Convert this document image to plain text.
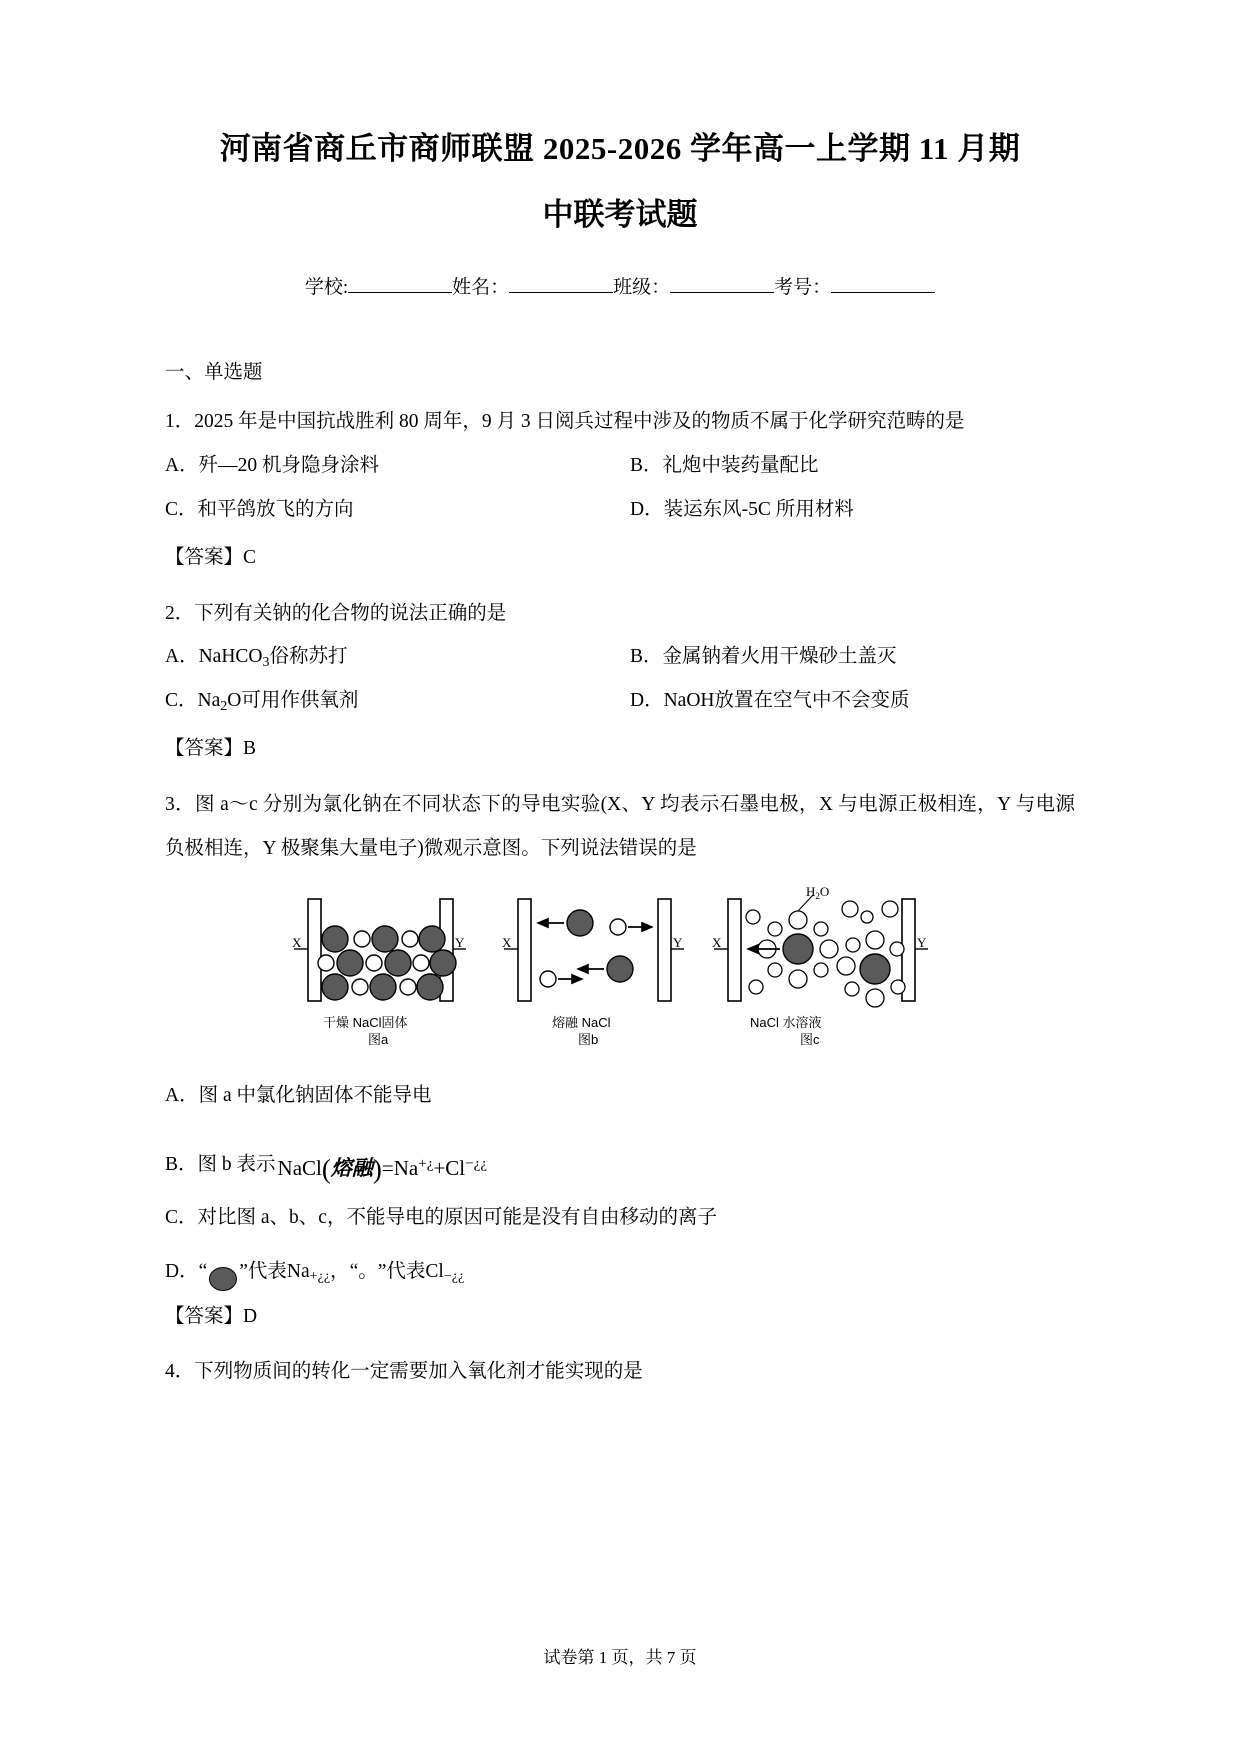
河南省商丘市商师联盟 2025-2026 学年高一上学期 11 月期
中联考试题
学校:	姓名：	班级：	考号：
一、单选题
1．2025 年是中国抗战胜利 80 周年，9 月 3 日阅兵过程中涉及的物质不属于化学研究范畴的是
A．歼—20 机身隐身涂料	B．礼炮中装药量配比
C．和平鸽放飞的方向	D．装运东风-5C 所用材料
【答案】C
2．下列有关钠的化合物的说法正确的是
A．NaHCO$_3$俗称苏打	B．金属钠着火用干燥砂土盖灭
C．$Na_2O$可用作供氧剂	D．NaOH放置在空气中不会变质
【答案】B
3．图 a～c 分别为氯化钠在不同状态下的导电实验(X、Y 均表示石墨电极，X 与电源正极相连，Y 与电源负极相连，Y 极聚集大量电子)微观示意图。下列说法错误的是
X	Y
干燥 NaCl固体
图a
X	Y
熔融 NaCl
图b
X	Y
$H_2O$
NaCl 水溶液
图c
A．图 a 中氯化钠固体不能导电
B． 图 b 表示 NaCl(熔融)=Na+¿+Cl−¿¿
C．对比图 a、b、c，不能导电的原因可能是没有自由移动的离子
D． “ ” 代表 $Na_{+¿¿}$ ， “ 。 ” 代表 $Cl_{-¿¿}$
【答案】D
4．下列物质间的转化一定需要加入氧化剂才能实现的是
试卷第 1 页，共 7 页
